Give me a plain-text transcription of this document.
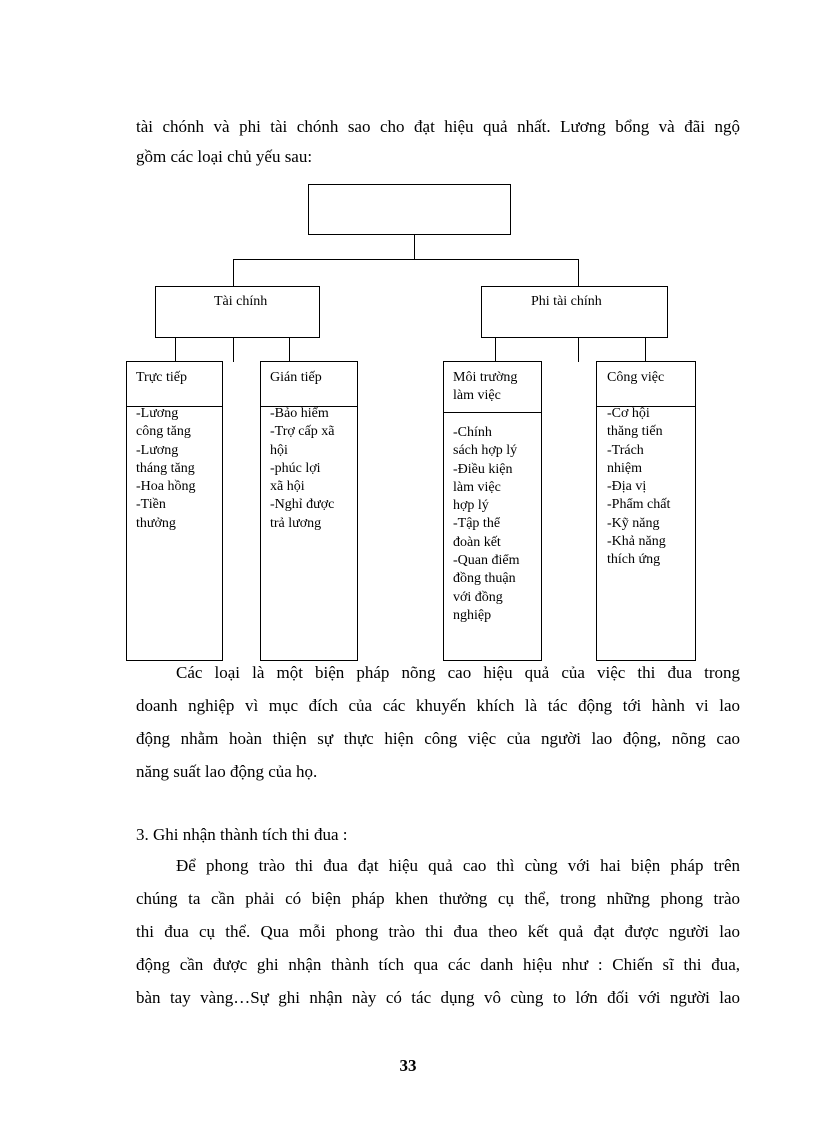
tài chónh và phi tài chónh sao cho đạt hiệu quả nhất. Lương bổng và đãi ngộ
gồm các loại chủ yếu sau:
Tài chính	Phi tài chính
Trực tiếp
-Lương
công tăng
-Lương
tháng tăng
-Hoa hồng
-Tiền
thưởng
Gián tiếp
-Bảo hiểm
-Trợ cấp xã
hội
-phúc lợi
xã hội
-Nghỉ được
trả lương
Môi trường
làm việc
-Chính
sách hợp lý
-Điều kiện
làm việc
hợp lý
-Tập thể
đoàn kết
-Quan điểm
đồng thuận
với đồng
nghiệp
Công việc
-Cơ hội
thăng tiến
-Trách
nhiệm
-Địa vị
-Phẩm chất
-Kỹ năng
-Khả năng
thích ứng
Các loại là một biện pháp nõng cao hiệu quả của việc thi đua trong
doanh nghiệp vì mục đích của các khuyến khích là tác động tới hành vi lao
động nhằm hoàn thiện sự thực hiện công việc của người lao động, nõng cao
năng suất lao động của họ.
3. Ghi nhận thành tích thi đua :
Để phong trào thi đua đạt hiệu quả cao thì cùng với hai biện pháp trên
chúng ta cần phải có biện pháp khen thưởng cụ thể, trong những phong trào
thi đua cụ thể. Qua mỗi phong trào thi đua theo kết quả đạt được người lao
động cần được ghi nhận thành tích qua các danh hiệu như : Chiến sĩ thi đua,
bàn tay vàng…Sự ghi nhận này có tác dụng vô cùng to lớn đối với người lao
33
